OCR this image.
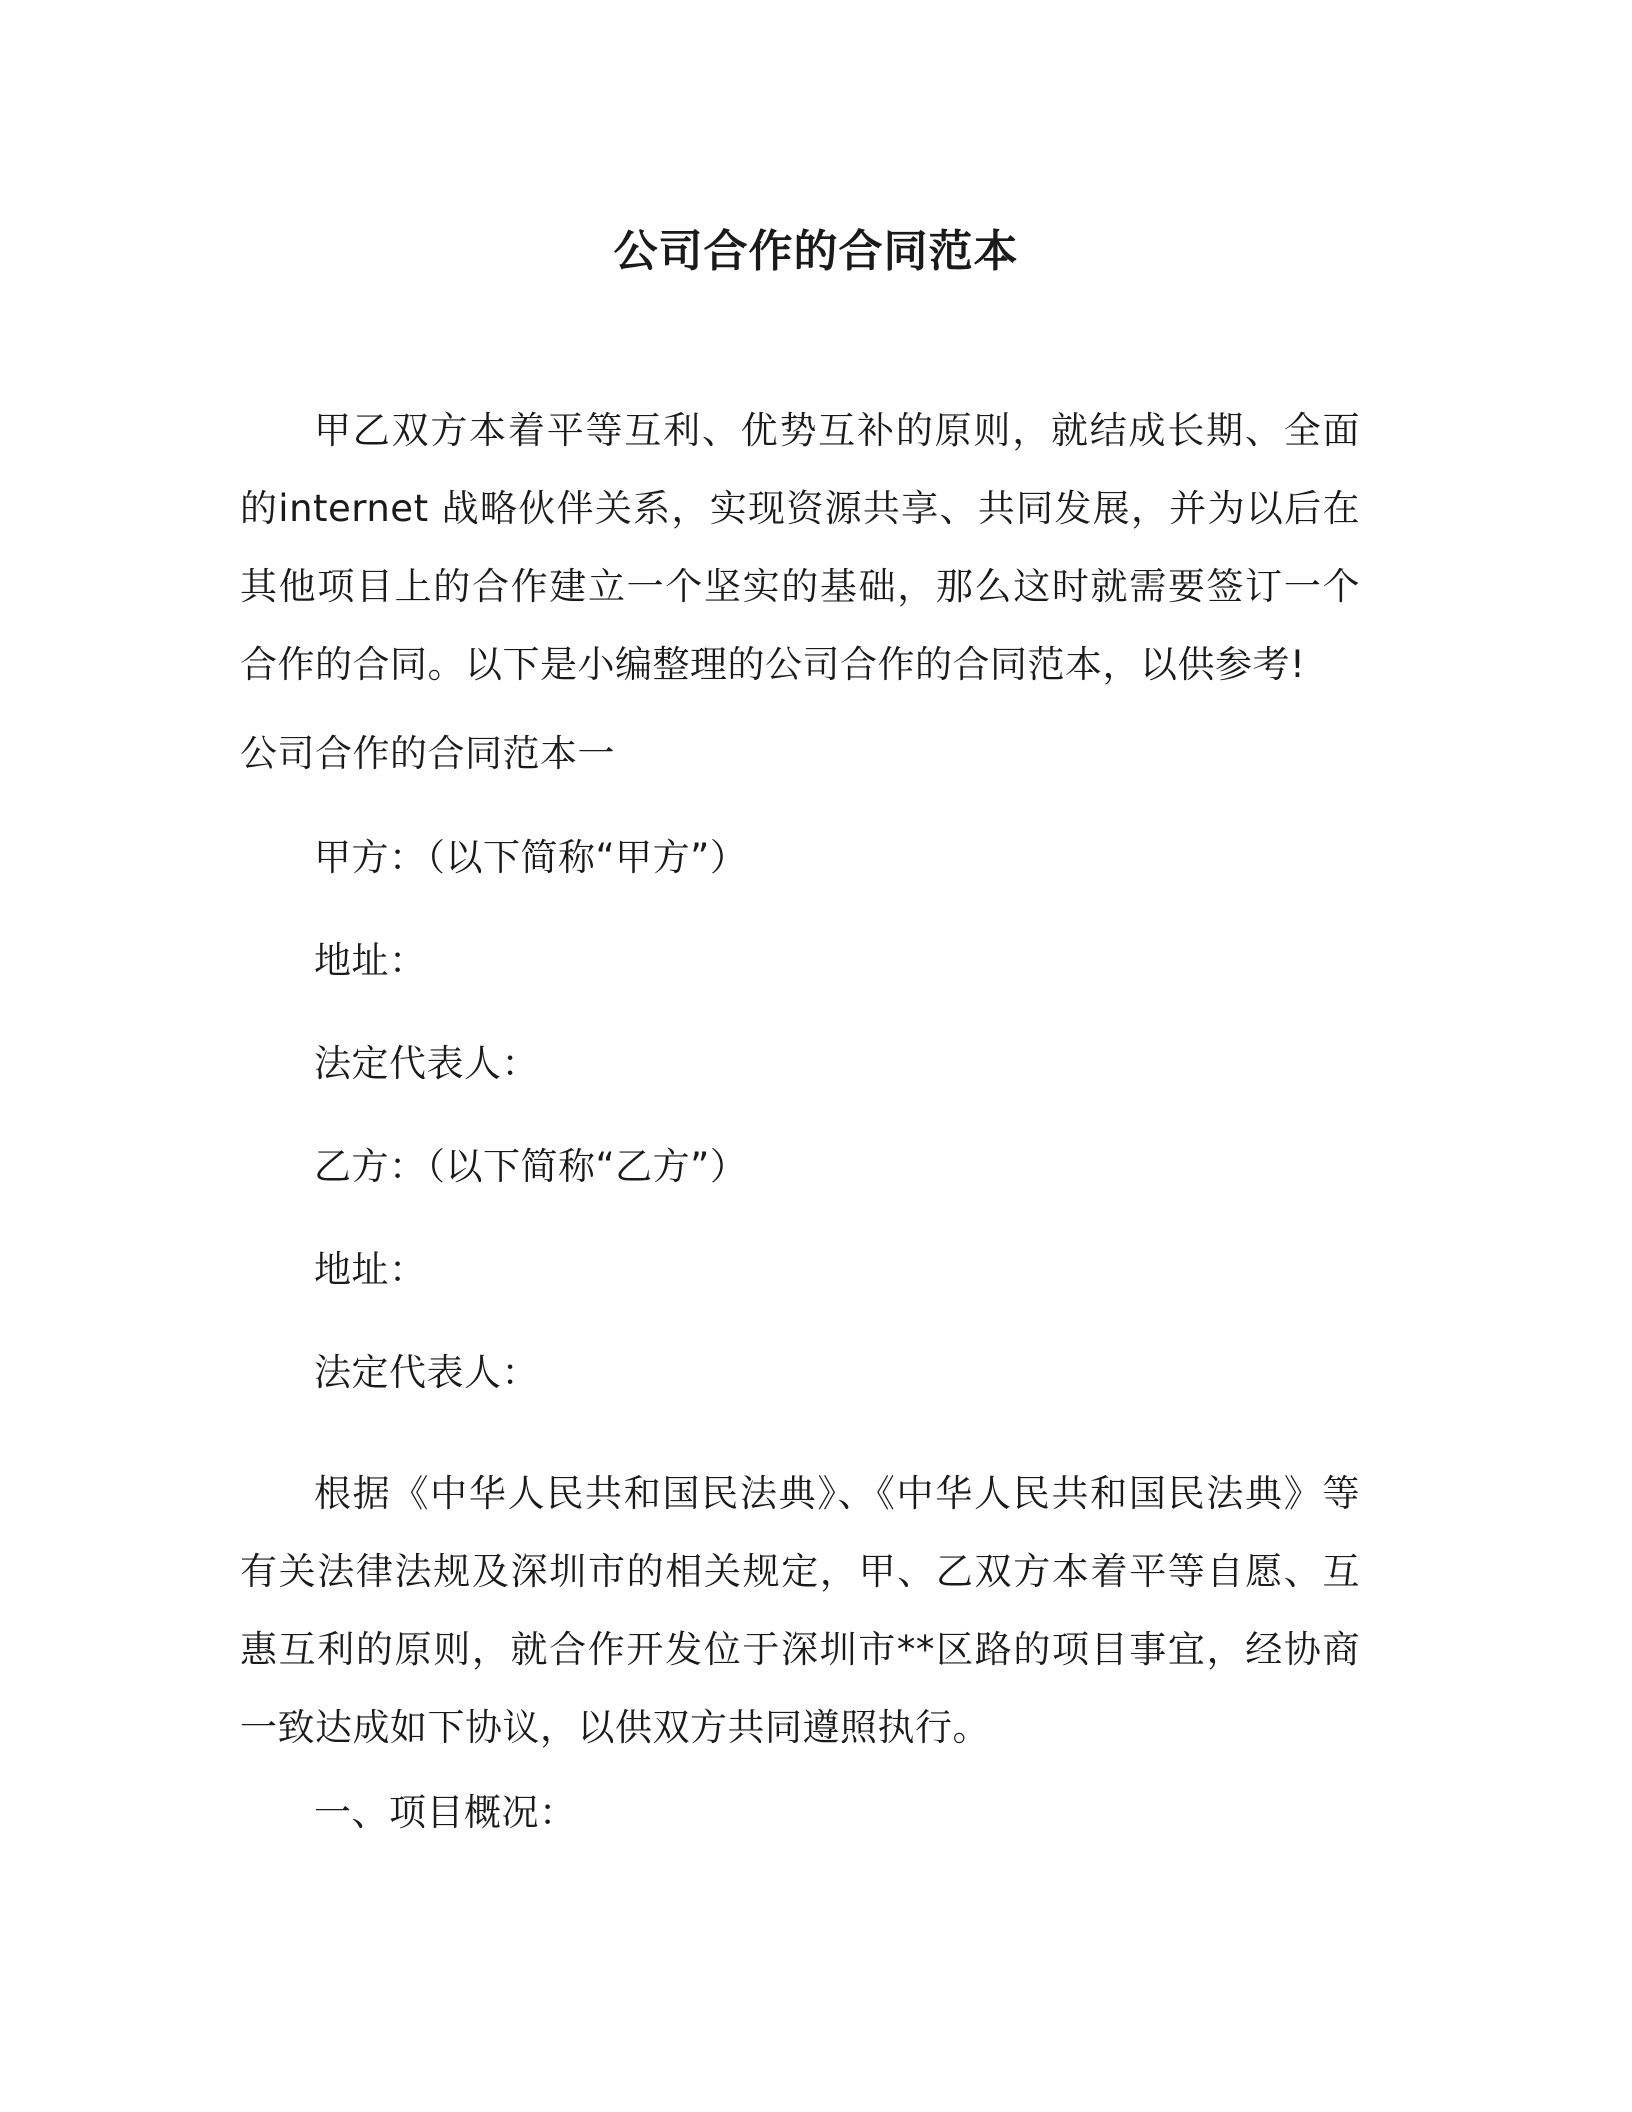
公司合作的合同范本
甲乙双方本着平等互利、优势互补的原则，就结成长期、全面的internet 战略伙伴关系，实现资源共享、共同发展，并为以后在其他项目上的合作建立一个坚实的基础，那么这时就需要签订一个合作的合同。以下是小编整理的公司合作的合同范本，以供参考!
公司合作的合同范本一
甲方：（以下简称“甲方”）
地址：
法定代表人：
乙方：（以下简称“乙方”）
地址：
法定代表人：
根据《中华人民共和国民法典》、《中华人民共和国民法典》等有关法律法规及深圳市的相关规定，甲、乙双方本着平等自愿、互惠互利的原则，就合作开发位于深圳市**区路的项目事宜，经协商一致达成如下协议，以供双方共同遵照执行。
一、项目概况：
